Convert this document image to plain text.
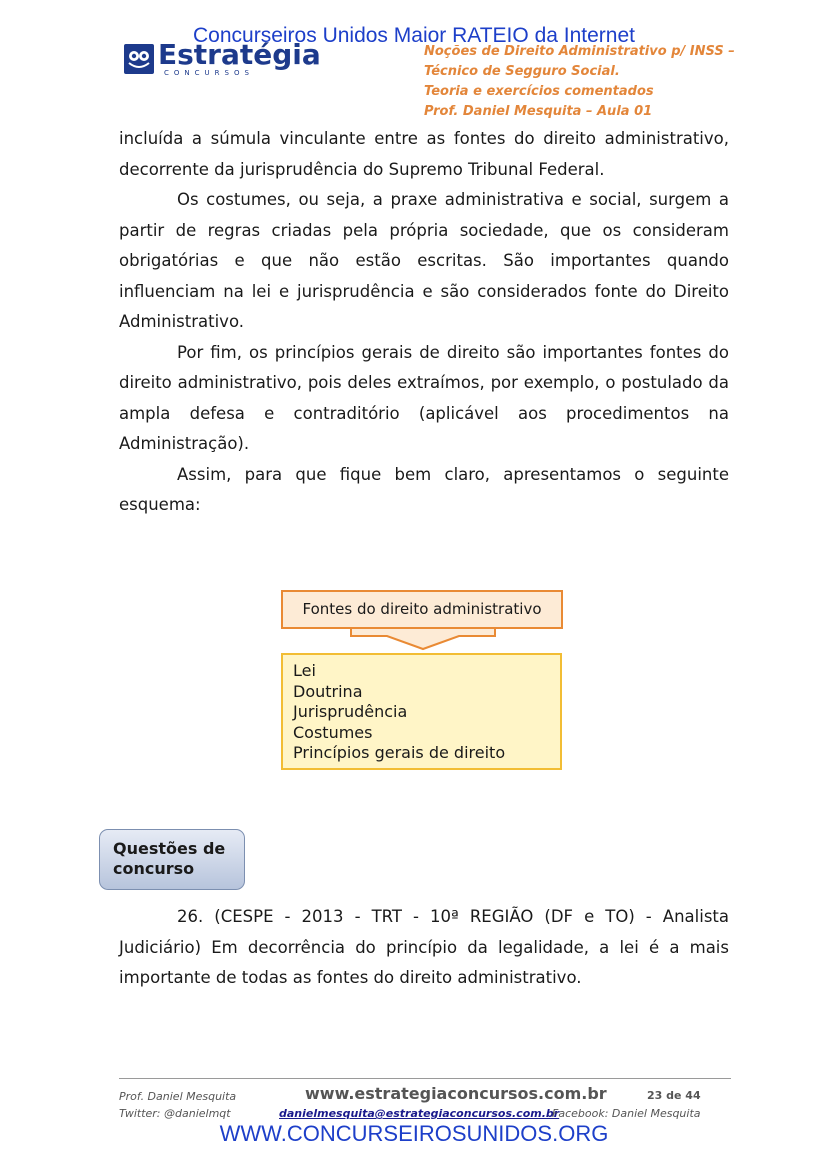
Concurseiros Unidos Maior RATEIO da Internet
Estratégia
CONCURSOS
Noções de Direito Administrativo p/ INSS –
Técnico de Segguro Social.
Teoria e exercícios comentados
Prof. Daniel Mesquita – Aula 01

incluída a súmula vinculante entre as fontes do direito administrativo, decorrente da jurisprudência do Supremo Tribunal Federal.

Os costumes, ou seja, a praxe administrativa e social, surgem a partir de regras criadas pela própria sociedade, que os consideram obrigatórias e que não estão escritas. São importantes quando influenciam na lei e jurisprudência e são considerados fonte do Direito Administrativo.

Por fim, os princípios gerais de direito são importantes fontes do direito administrativo, pois deles extraímos, por exemplo, o postulado da ampla defesa e contraditório (aplicável aos procedimentos na Administração).

Assim, para que fique bem claro, apresentamos o seguinte esquema:

Fontes do direito administrativo
Lei
Doutrina
Jurisprudência
Costumes
Princípios gerais de direito
Questões de
concurso

26. (CESPE - 2013 - TRT - 10ª REGIÃO (DF e TO) - Analista Judiciário) Em decorrência do princípio da legalidade, a lei é a mais importante de todas as fontes do direito administrativo.

Prof. Daniel Mesquita	www.estrategiaconcursos.com.br	23 de 44
Twitter: @danielmqt	danielmesquita@estrategiaconcursos.com.br
Facebook: Daniel Mesquita
WWW.CONCURSEIROSUNIDOS.ORG
